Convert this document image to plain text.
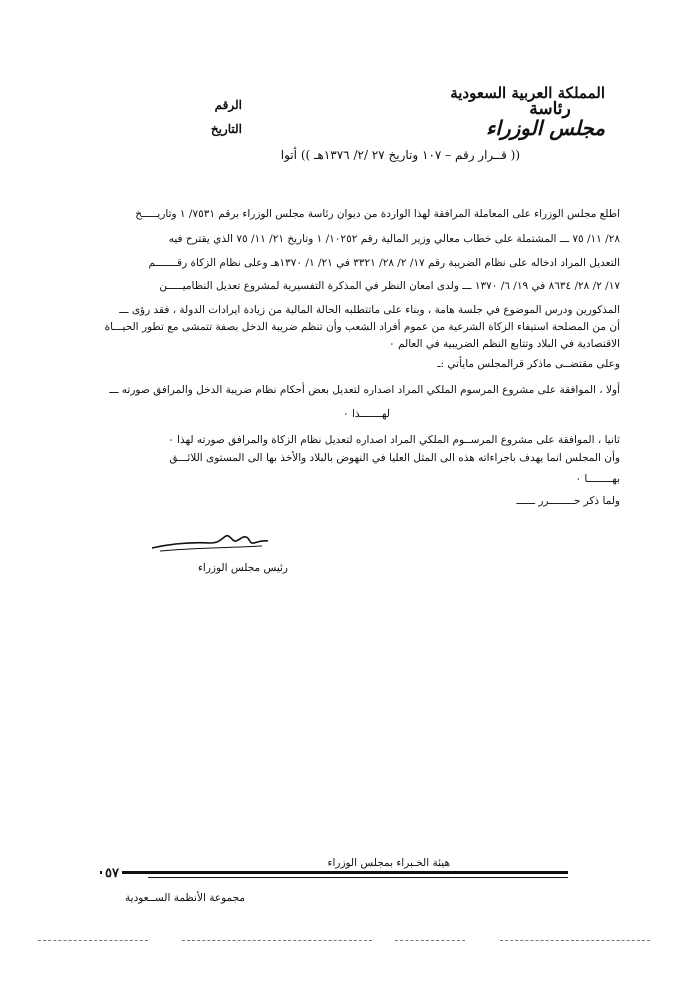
المملكة العربية السعودية
رئاسة
مجلس الوزراء
الرقم
التاريخ
(( قــرار رقم – ١٠٧ وتاريخ ٢٧ /٢/ ١٣٧٦هـ )) أتوا
اطلع مجلس الوزراء على المعاملة المرافقة لهذا الواردة من ديوان رئاسة مجلس الوزراء برقم ٧٥٣١/ ١ وتاريـــــخ
٢٨/ ١١/ ٧٥ ـــ المشتملة على خطاب معالي وزير المالية رقم ١٠٢٥٢/ ١ وتاريخ ٢١/ ١١/ ٧٥ الذي يقترح فيه
التعديل المراد ادخاله على نظام الضريبة رقم ١٧/ ٢/ ٢٨/ ٣٣٢١ في ٢١/ ١/ ١٣٧٠هـ وعلى نظام الزكاة رقـــــــم
١٧/ ٢/ ٢٨/ ٨٦٣٤ في ١٩/ ٦/ ١٣٧٠ ـــ ولدى امعان النظر في المذكرة التفسيرية لمشروع تعديل النظاميـــــن
المذكورين ودرس الموضوع في جلسة هامة ، وبناء على ماتتطلبه الحالة المالية من زيادة ايرادات الدولة ، فقد رؤى ـــ
أن من المصلحة استيفاء الزكاة الشرعية من عموم أفراد الشعب وأن تنظم ضريبة الدخل بصفة تتمشى مع تطور الحيـــاة
الاقتصادية في البلاد وتتابع النظم الضريبية في العالم ٠
وعلى مقتضــى ماذكر قرالمجلس مايأتي :ـ
أولا ، الموافقة على مشروع المرسوم الملكي المراد اصداره لتعديل بعض أحكام نظام ضريبة الدخل والمرافق صورته ـــ
لهـــــــذا ٠
ثانيا ، الموافقة على مشروع المرســوم الملكي المراد اصداره لتعديل نظام الزكاة والمرافق صورته لهذا ٠
وأن المجلس انما يهدف باجراءاته هذه الى المثل العليا في النهوض بالبلاد والأخذ بها الى المستوى اللائـــق
بهــــــــا ٠
ولما ذكر حــــــــرر ــــــ
رئيس مجلس الوزراء
هيئة الخـبراء بمجلس الوزراء
٥٧
مجموعة الأنظمة الســعودية
